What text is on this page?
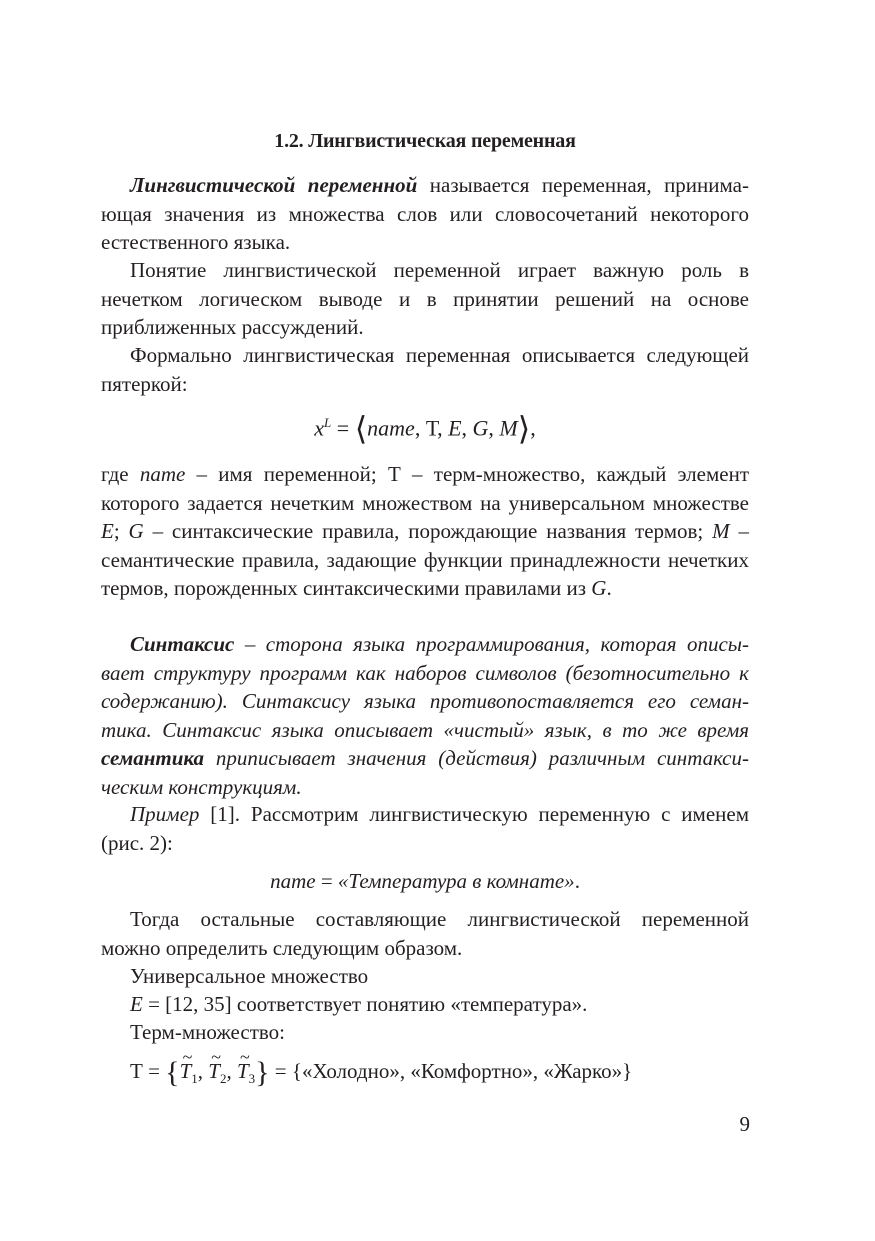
1.2. Лингвистическая переменная

Лингвистической переменной называется переменная, принимающая значения из множества слов или словосочетаний некоторого естественного языка.

Понятие лингвистической переменной играет важную роль в нечетком логическом выводе и в принятии решений на основе приближенных рассуждений.

Формально лингвистическая переменная описывается следующей пятеркой:

$x^L$ = ⟨name, Т, E, G, M⟩,

где name – имя переменной; Т – терм-множество, каждый элемент которого задается нечетким множеством на универсальном множестве E; G – синтаксические правила, порождающие названия термов; M – семантические правила, задающие функции принадлежности нечетких термов, порожденных синтаксическими правилами из G.

Синтаксис – сторона языка программирования, которая описывает структуру программ как наборов символов (безотносительно к содержанию). Синтаксису языка противопоставляется его семантика. Синтаксис языка описывает «чистый» язык, в то же время семантика приписывает значения (действия) различным синтаксическим конструкциям.

Пример [1]. Рассмотрим лингвистическую переменную с именем (рис. 2):

name = «Температура в комнате».

Тогда остальные составляющие лингвистической переменной можно определить следующим образом.

Универсальное множество

E = [12, 35] соответствует понятию «температура».

Терм-множество:

Т = {~ $T_1$, ~ $T_2$, ~ $T_3$} = {«Холодно», «Комфортно», «Жарко»}
9
